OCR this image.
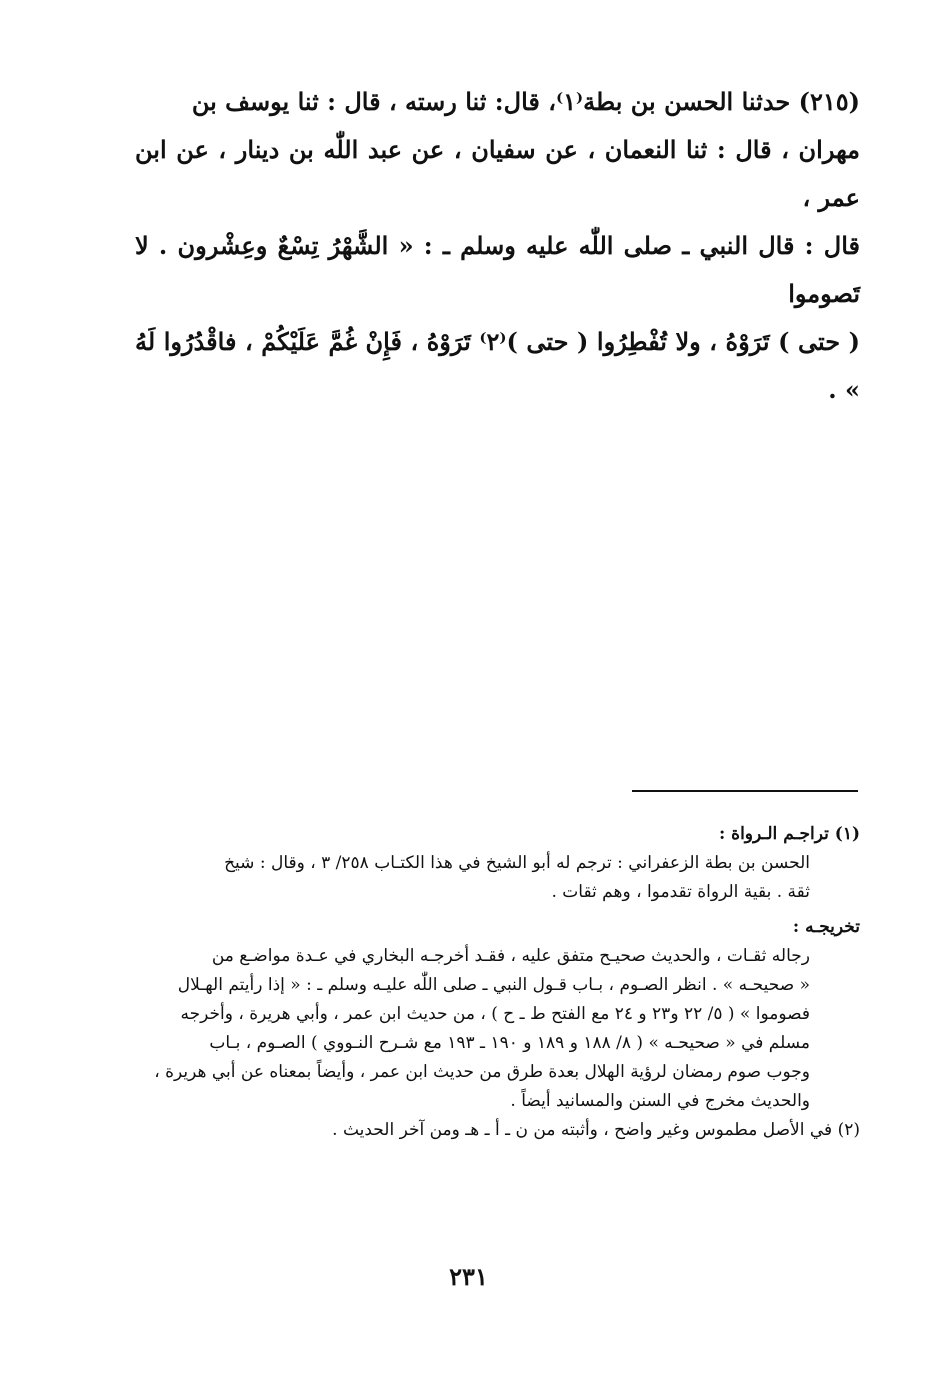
(٢١٥) حدثنا الحسن بن بطة⁽١⁾، قال: ثنا رسته ، قال : ثنا يوسف بن

مهران ، قال : ثنا النعمان ، عن سفيان ، عن عبد اللّٰه بن دينار ، عن ابن عمر ،

قال : قال النبي ـ صلى اللّٰه عليه وسلم ـ : « الشَّهْرُ تِسْعٌ وعِشْرون . لا تَصوموا

( حتى ) تَرَوْهُ ، ولا تُفْطِرُوا ( حتى )⁽٢⁾ تَرَوْهُ ، فَإِنْ غُمَّ عَلَيْكُمْ ، فاقْدُرُوا لَهُ » .

(١) تراجـم الـرواة :

الحسن بن بطة الزعفراني : ترجم له أبو الشيخ في هذا الكتـاب ٢٥٨/ ٣ ، وقال : شيخ

ثقة . بقية الرواة تقدموا ، وهم ثقات .

تخريجـه :

رجاله ثقـات ، والحديث صحيـح متفق عليه ، فقـد أخرجـه البخاري في عـدة مواضـع من

« صحيحـه » . انظر الصـوم ، بـاب قـول النبي ـ صلى اللّٰه عليـه وسلم ـ : « إذا رأيتم الهـلال

فصوموا » ( ٥/ ٢٢ و٢٣ و ٢٤ مع الفتح ط ـ ح ) ، من حديث ابن عمر ، وأبي هريرة ، وأخرجه

مسلم في « صحيحـه » ( ٨/ ١٨٨ و ١٨٩ و ١٩٠ ـ ١٩٣ مع شـرح النـووي ) الصـوم ، بـاب

وجوب صوم رمضان لرؤية الهلال بعدة طرق من حديث ابن عمر ، وأيضاً بمعناه عن أبي هريرة ،

والحديث مخرج في السنن والمسانيد أيضاً .

(٢) في الأصل مطموس وغير واضح ، وأثبته من ن ـ أ ـ هـ ومن آخر الحديث .

٢٣١
